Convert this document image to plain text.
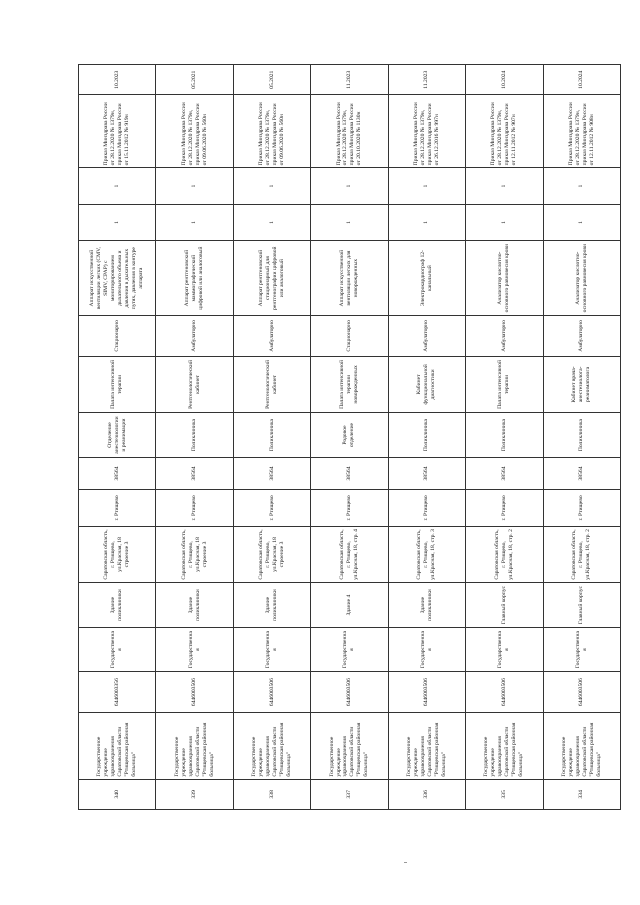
340	Государственное учреждение здравоохранения Саратовской области "Ртищевская районная больница"	6446003356	Государственная	Здание поликлиники	Саратовская область, г. Ртищево, ул.Красная, 18 строение 3	г. Ртищево	38564	Отделение анестезиологии и реанимации	Палата интенсивной терапии	Стационарно	Аппарат искусственной вентиляции легких (CMV, SIMV, CPAP) с мониторированием дыхательного объема и давления в дыхательных путях, давления в контуре аппарата	1	1	Приказ Минздрава России от 28.12.2020 № 1379н, приказ Минздрава России от 15.11.2012 № 919н	10.2023
339	Государственное учреждение здравоохранения Саратовской области "Ртищевская районная больница"	6446003506	Государственная	Здание поликлиники	Саратовская область, г. Ртищево, ул.Красная, 18 строение 3	г. Ртищево	38564	Поликлиника	Рентгенологический кабинет	Амбулаторно	Аппарат рентгеновский маммографический цифровой или аналоговый	1	1	Приказ Минздрава России от 28.12.2020 № 1379н, приказ Минздрава России от 09.06.2020 № 560н	05.2021
338	Государственное учреждение здравоохранения Саратовской области "Ртищевская районная больница"	6446003506	Государственная	Здание поликлиники	Саратовская область, г. Ртищево, ул.Красная, 18 строение 3	г. Ртищево	38564	Поликлиника	Рентгенологический кабинет	Амбулаторно	Аппарат рентгеновский стационарный для рентгенографии цифровой или аналоговый	1	1	Приказ Минздрава России от 28.12.2020 № 1379н, приказ Минздрава России от 09.06.2020 № 560н	05.2021
337	Государственное учреждение здравоохранения Саратовской области "Ртищевская районная больница"	6446003506	Государственная	Здание 4	Саратовская область, г. Ртищево, ул.Красная, 18, стр. 4	г. Ртищево	38564	Родовое отделение	Палата интенсивной терапии новорожденных	Стационарно	Аппарат искусственной вентиляции легких для новорожденных	1	1	Приказ Минздрава России от 28.12.2020 № 1379н, приказ Минздрава России от 20.10.2020 № 1130н	11.2023
336	Государственное учреждение здравоохранения Саратовской области "Ртищевская районная больница"	6446003506	Государственная	Здание поликлиники	Саратовская область, г. Ртищево, ул.Красная, 18, стр. 3	г. Ртищево	38564	Поликлиника	Кабинет функциональной диагностики	Амбулаторно	Электрокардиограф 12-канальный	1	1	Приказ Минздрава России от 28.12.2020 № 1379н, приказ Минздрава России от 26.12.2016 № 997н	11.2023
335	Государственное учреждение здравоохранения Саратовской области "Ртищевская районная больница"	6446003506	Государственная	Главный корпус	Саратовская область, г. Ртищево, ул.Красная, 18, стр. 2	г. Ртищево	38564	Поликлиника	Палата интенсивной терапии	Амбулаторно	Анализатор кислотно-основного равновесия крови	1	1	Приказ Минздрава России от 28.12.2020 № 1379н, приказ Минздрава России от 12.11.2012 № 907н	10.2024
334	Государственное учреждение здравоохранения Саратовской области "Ртищевская районная больница"	6446003506	Государственная	Главный корпус	Саратовская область, г. Ртищево, ул.Красная, 18, стр. 2	г. Ртищево	38564	Поликлиника	Кабинет врача-анестезиолога-реаниматолога	Амбулаторно	Анализатор кислотно-основного равновесия крови	1	1	Приказ Минздрава России от 28.12.2020 № 1379н, приказ Минздрава России от 12.11.2012 № 908н	10.2024
